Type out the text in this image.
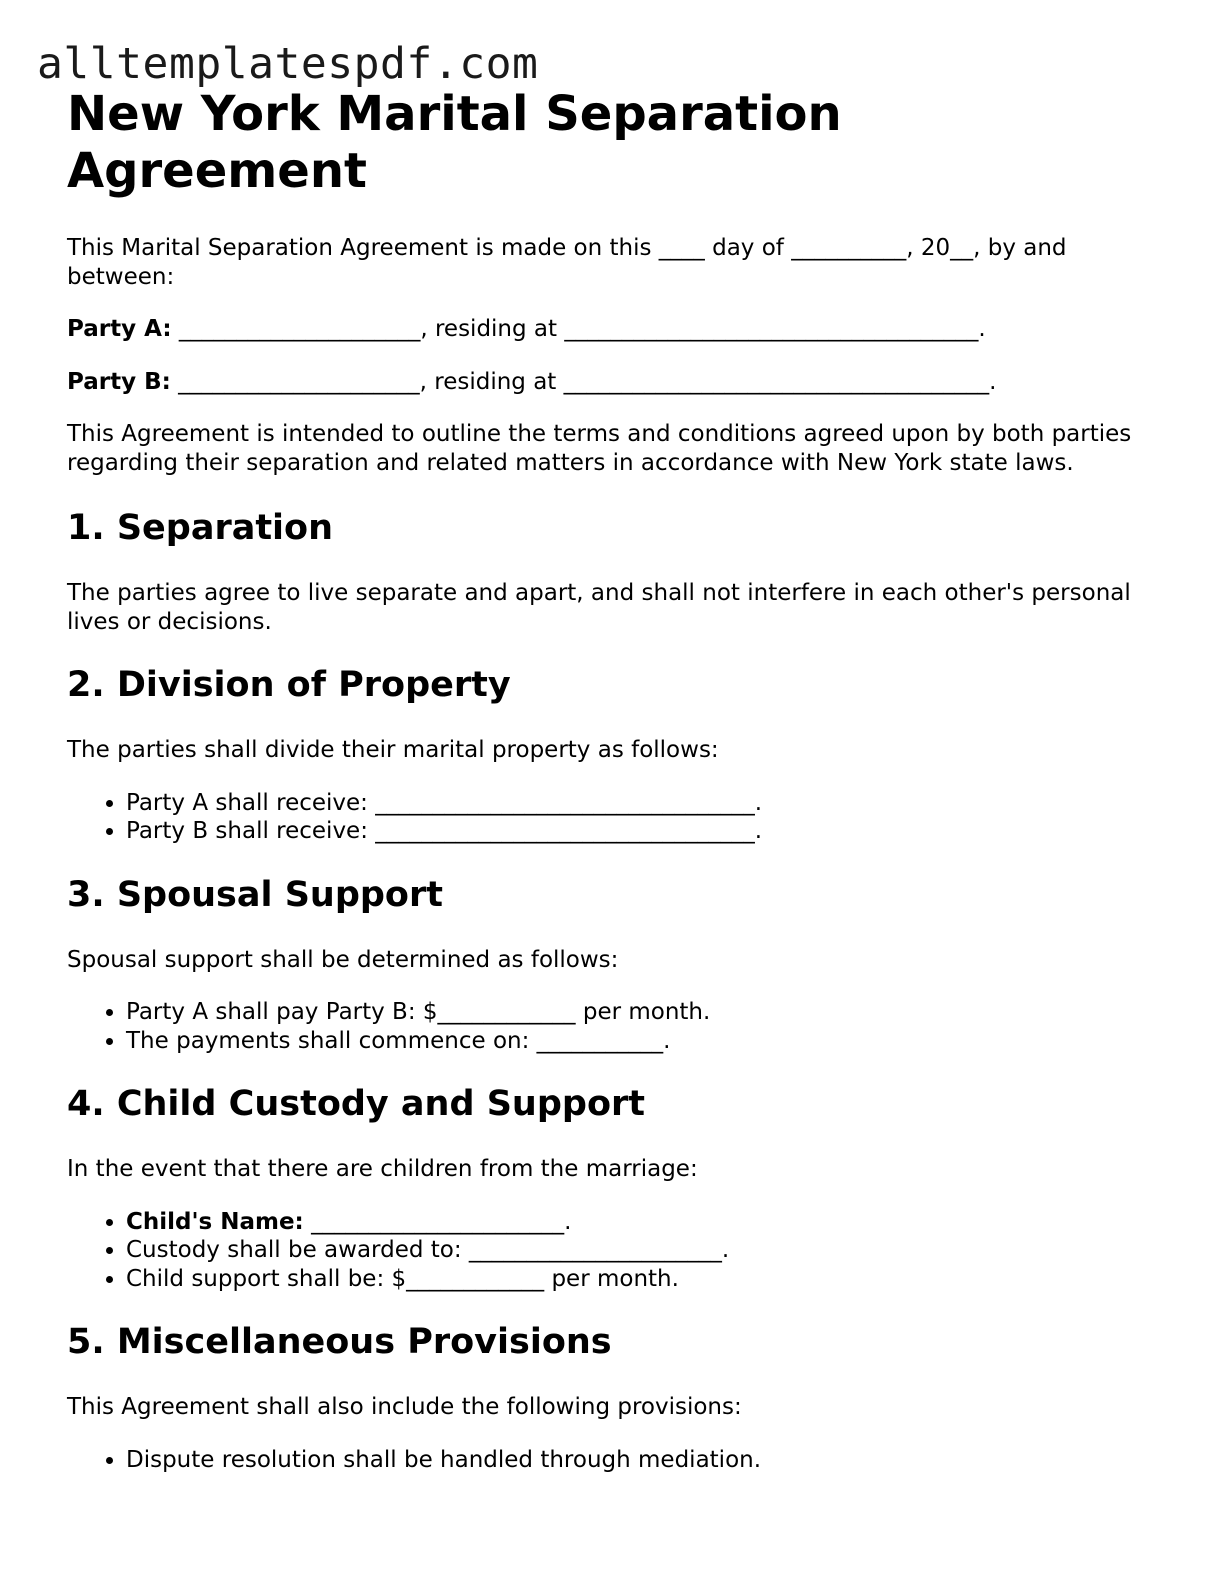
alltemplatespdf.com
New York Marital Separation Agreement

This Marital Separation Agreement is made on this ____ day of __________, 20__, by and between:

Party A: _____________________, residing at ____________________________________.

Party B: _____________________, residing at _____________________________________.

This Agreement is intended to outline the terms and conditions agreed upon by both parties regarding their separation and related matters in accordance with New York state laws.

1. Separation

The parties agree to live separate and apart, and shall not interfere in each other's personal lives or decisions.

2. Division of Property

The parties shall divide their marital property as follows:

• Party A shall receive: _________________________________.
• Party B shall receive: _________________________________.
3. Spousal Support

Spousal support shall be determined as follows:

• Party A shall pay Party B: $____________ per month.
• The payments shall commence on: ___________.
4. Child Custody and Support

In the event that there are children from the marriage:

• Child's Name: ______________________.
• Custody shall be awarded to: ______________________.
• Child support shall be: $____________ per month.
5. Miscellaneous Provisions

This Agreement shall also include the following provisions:

• Dispute resolution shall be handled through mediation.
